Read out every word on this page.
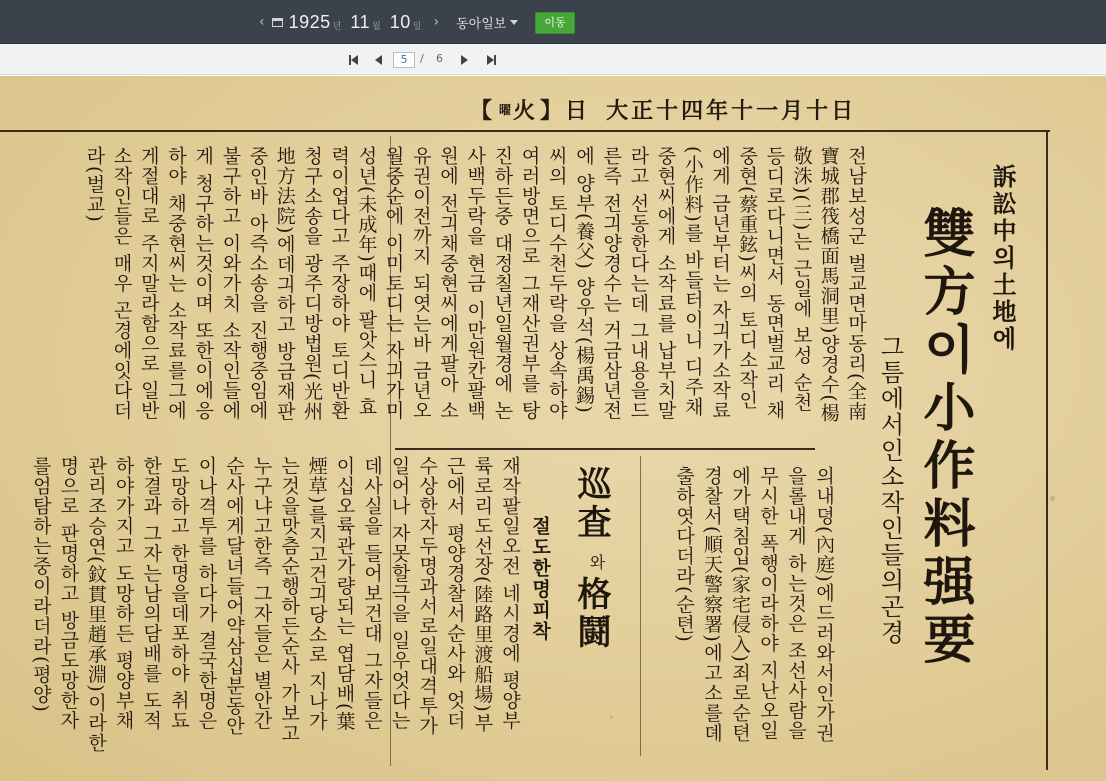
‹ 1925 년 11 월 10 일 › 동아일보	이동
5	/ 6
【 曜 火 】日 大正十四年十一月十日
訴訟中의土地에
雙方이小作料强要
그틈에서인소작인들의곤경
의내뎡(內庭)에드러와서인가권
을롤내게 하는것은 조선사람을
무시한 폭행이라하야 지난오일
에가택침입(家宅侵入)죄로순텬
경찰서(順天警察署)에고소를뎨
출하엿다더라(순텬)
전남보성군 벌교면마동리(全南
寶城郡筏橋面馬洞里)양경수(楊
敬洙)(三)는 근일에 보성 순천
등디로다니면서 동면벌교리 채
중현(蔡重鉉)씨의 토디소작인
에게 금년부터는 자긔가소작료
(小作料)를 바들터이니 디주채
중현씨에게 소작료를 납부치말
라고 선동한다는데 그내용을드
른즉 전긔양경수는 거금삼년전
에 양부(養父) 양우석(楊禹錫)
씨의 토디수천두락을 상속하야
여러방면으로 그재산권부를 탕
진하든중 대정칠년일월경에 논
사백두락을 현금 이만원칸팔백
원에 전긔채중현씨에게팔아 소
유권이전까지 되엿는바 금년오
월중순에 이미토디는 자긔가미
성년(未成年)때에 팔앗스니 효
력이업다고 주장하야 토디반환
청구소송을 광주디방법원(光州
地方法院)에데긔하고 방금재판
중인바 아즉소송을 진행중임에
불구하고 이와가치 소작인들에
게 청구하는것이며 또한이에응
하야 채중현씨는 소작료를그에
게절대로 주지말라함으로 일반
소작인들은 매우 곤경에잇다더
라(벌교)
巡査
와
格鬪
절도한명피착
재작팔일오전 네시경에 평양부
륙로리도선장(陸路里渡船場)부
근에서 평양경찰서순사와 엇더
수상한자두명과서로일대격투가
일어나 자못할극을 일우엇다는
데사실을 들어보건대 그자들은
이십오륙관가량되는 엽담배(葉
煙草)를지고건긔당소로 지나가
는것을맛츰순행하든순사 가보고
누구냐고한즉 그자들은 별안간
순사에게달녀들어약삼십분동안
이나격투를 하다가 결국한명은
도망하고 한명을데포하야 취됴
한결과 그자는남의담배를 도적
하야가지고 도망하든 평양부채
관리조승연(鈫貫里趙承淵)이라한
명으로 판명하고 방금도망한자
를엄탐하는중이라더라(평양)
